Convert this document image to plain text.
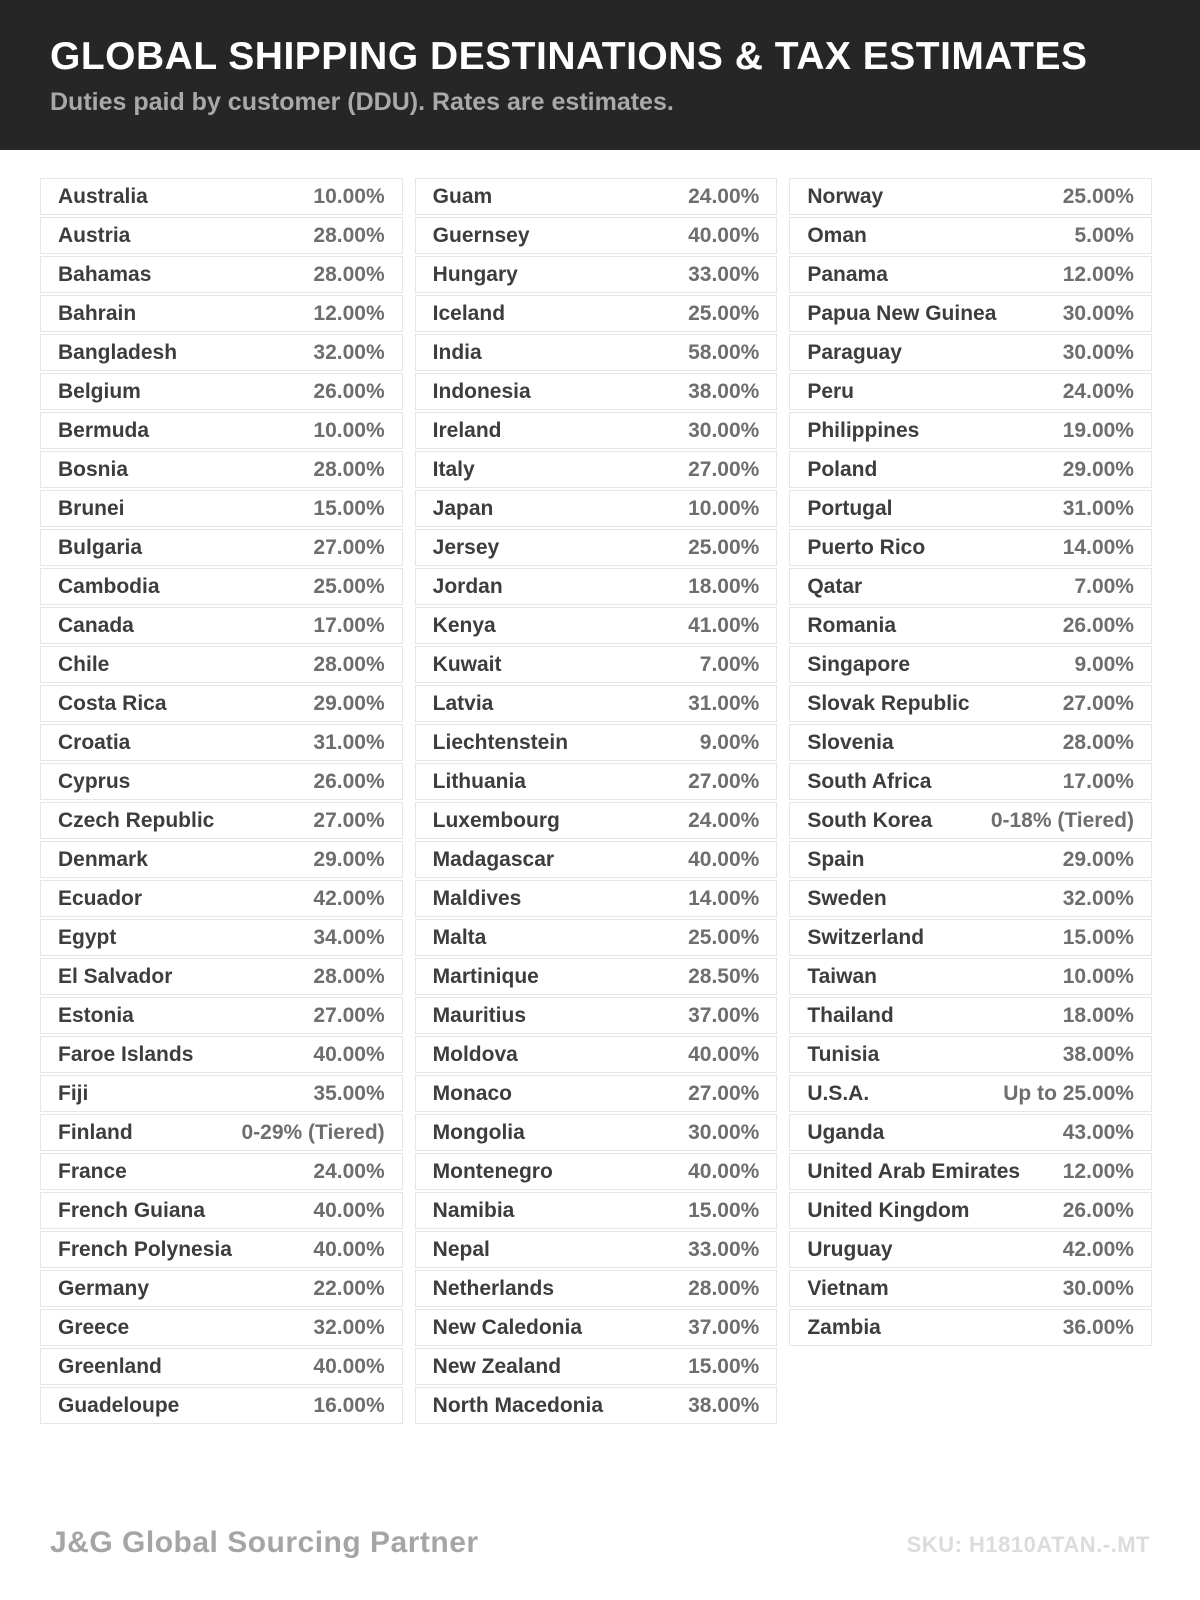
GLOBAL SHIPPING DESTINATIONS & TAX ESTIMATES
Duties paid by customer (DDU). Rates are estimates.
Australia	10.00%
Austria	28.00%
Bahamas	28.00%
Bahrain	12.00%
Bangladesh	32.00%
Belgium	26.00%
Bermuda	10.00%
Bosnia	28.00%
Brunei	15.00%
Bulgaria	27.00%
Cambodia	25.00%
Canada	17.00%
Chile	28.00%
Costa Rica	29.00%
Croatia	31.00%
Cyprus	26.00%
Czech Republic	27.00%
Denmark	29.00%
Ecuador	42.00%
Egypt	34.00%
El Salvador	28.00%
Estonia	27.00%
Faroe Islands	40.00%
Fiji	35.00%
Finland	0-29% (Tiered)
France	24.00%
French Guiana	40.00%
French Polynesia	40.00%
Germany	22.00%
Greece	32.00%
Greenland	40.00%
Guadeloupe	16.00%
Guam	24.00%
Guernsey	40.00%
Hungary	33.00%
Iceland	25.00%
India	58.00%
Indonesia	38.00%
Ireland	30.00%
Italy	27.00%
Japan	10.00%
Jersey	25.00%
Jordan	18.00%
Kenya	41.00%
Kuwait	7.00%
Latvia	31.00%
Liechtenstein	9.00%
Lithuania	27.00%
Luxembourg	24.00%
Madagascar	40.00%
Maldives	14.00%
Malta	25.00%
Martinique	28.50%
Mauritius	37.00%
Moldova	40.00%
Monaco	27.00%
Mongolia	30.00%
Montenegro	40.00%
Namibia	15.00%
Nepal	33.00%
Netherlands	28.00%
New Caledonia	37.00%
New Zealand	15.00%
North Macedonia	38.00%
Norway	25.00%
Oman	5.00%
Panama	12.00%
Papua New Guinea	30.00%
Paraguay	30.00%
Peru	24.00%
Philippines	19.00%
Poland	29.00%
Portugal	31.00%
Puerto Rico	14.00%
Qatar	7.00%
Romania	26.00%
Singapore	9.00%
Slovak Republic	27.00%
Slovenia	28.00%
South Africa	17.00%
South Korea	0-18% (Tiered)
Spain	29.00%
Sweden	32.00%
Switzerland	15.00%
Taiwan	10.00%
Thailand	18.00%
Tunisia	38.00%
U.S.A.	Up to 25.00%
Uganda	43.00%
United Arab Emirates 12.00%
United Kingdom	26.00%
Uruguay	42.00%
Vietnam	30.00%
Zambia	36.00%
J&G Global Sourcing Partner	SKU: H1810ATAN.-.MT
